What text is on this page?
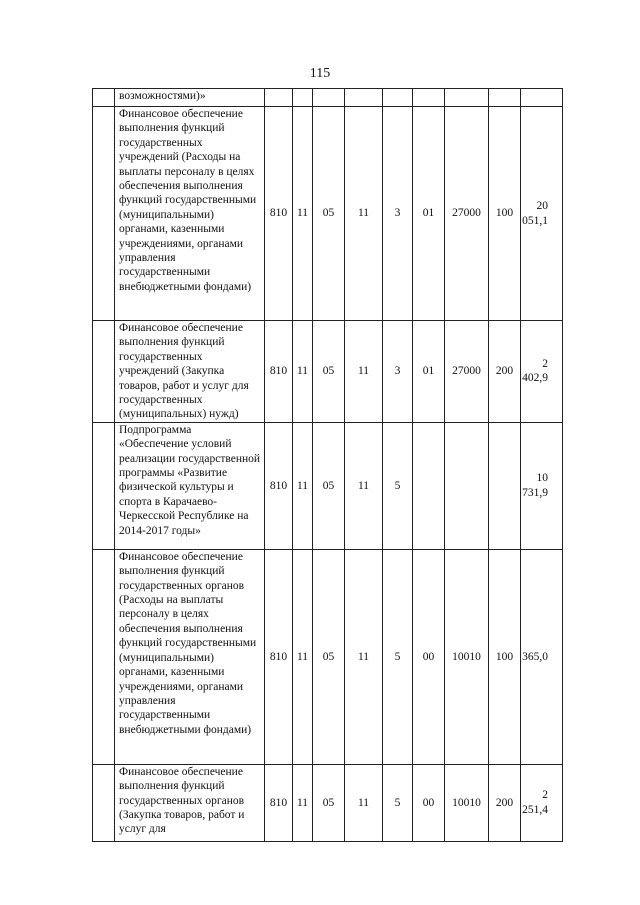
115
	возможностями)»									
	Финансовое обеспечение выполнения функций государственных учреждений (Расходы на выплаты персоналу в целях обеспечения выполнения функций государственными (муниципальными) органами, казенными учреждениями, органами управления государственными внебюджетными фондами)	810	11	05	11	3	01	27000	100	20 051,1
	Финансовое обеспечение выполнения функций государственных учреждений (Закупка товаров, работ и услуг для государственных (муниципальных) нужд)	810	11	05	11	3	01	27000	200	2 402,9
	Подпрограмма «Обеспечение условий реализации государственной программы «Развитие физической культуры и спорта в Карачаево-Черкесской Республике на 2014-2017 годы»	810	11	05	11	5				10 731,9
	Финансовое обеспечение выполнения функций государственных органов (Расходы на выплаты персоналу в целях обеспечения выполнения функций государственными (муниципальными) органами, казенными учреждениями, органами управления государственными внебюджетными фондами)	810	11	05	11	5	00	10010	100	365,0
	Финансовое обеспечение выполнения функций государственных органов (Закупка товаров, работ и услуг для	810	11	05	11	5	00	10010	200	2 251,4
